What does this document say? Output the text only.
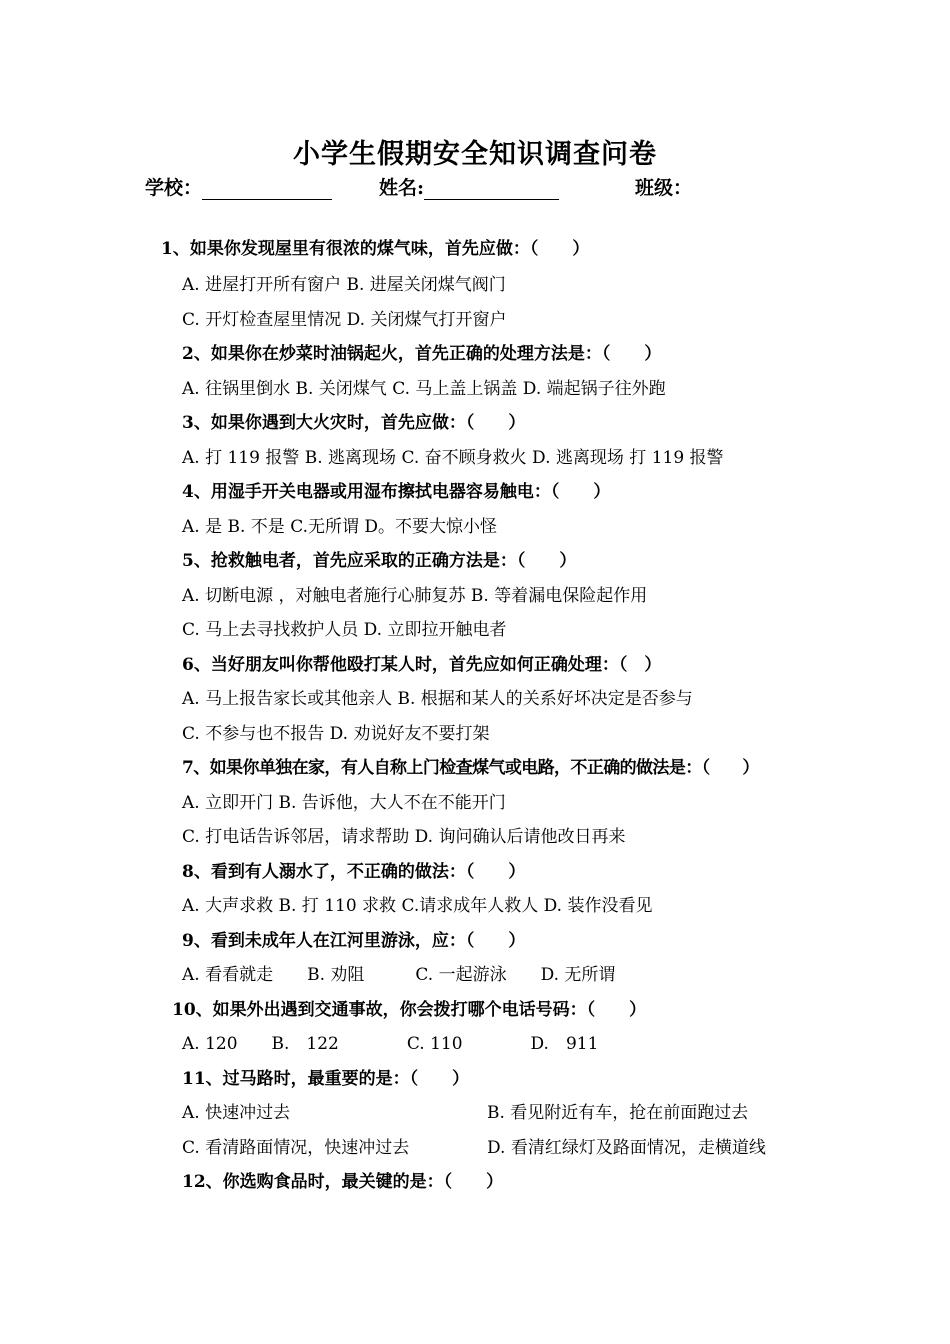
小学生假期安全知识调查问卷
学校：	姓名:	班级：
1、如果你发现屋里有很浓的煤气味，首先应做：（　　）
A. 进屋打开所有窗户 B. 进屋关闭煤气阀门
C. 开灯检查屋里情况 D. 关闭煤气打开窗户
2、如果你在炒菜时油锅起火，首先正确的处理方法是：（　　）
A. 往锅里倒水 B. 关闭煤气 C. 马上盖上锅盖 D. 端起锅子往外跑
3、如果你遇到大火灾时，首先应做：（　　）
A. 打 119 报警 B. 逃离现场 C. 奋不顾身救火 D. 逃离现场 打 119 报警
4、用湿手开关电器或用湿布擦拭电器容易触电：（　　）
A. 是 B. 不是 C.无所谓 D。不要大惊小怪
5、抢救触电者，首先应采取的正确方法是：（　　）
A. 切断电源 ，对触电者施行心肺复苏 B. 等着漏电保险起作用
C. 马上去寻找救护人员 D. 立即拉开触电者
6、当好朋友叫你帮他殴打某人时，首先应如何正确处理：（　）
A. 马上报告家长或其他亲人 B. 根据和某人的关系好坏决定是否参与
C. 不参与也不报告 D. 劝说好友不要打架
7、如果你单独在家，有人自称上门检查煤气或电路，不正确的做法是：（　　）
A. 立即开门 B. 告诉他，大人不在不能开门
C. 打电话告诉邻居，请求帮助 D. 询问确认后请他改日再来
8、看到有人溺水了，不正确的做法：（　　）
A. 大声求救 B. 打 110 求救 C.请求成年人救人 D. 装作没看见
9、看到未成年人在江河里游泳，应：（　　）
A. 看看就走　　B. 劝阻　　　C. 一起游泳　　D. 无所谓
10、如果外出遇到交通事故，你会拨打哪个电话号码：（　　）
A. 120　　B.　122　　　　C. 110　　　　D.　911
11、过马路时，最重要的是：（　　）
A. 快速冲过去	B. 看见附近有车，抢在前面跑过去
C. 看清路面情况，快速冲过去	D. 看清红绿灯及路面情况，走横道线
12、你选购食品时，最关键的是：（　　）
